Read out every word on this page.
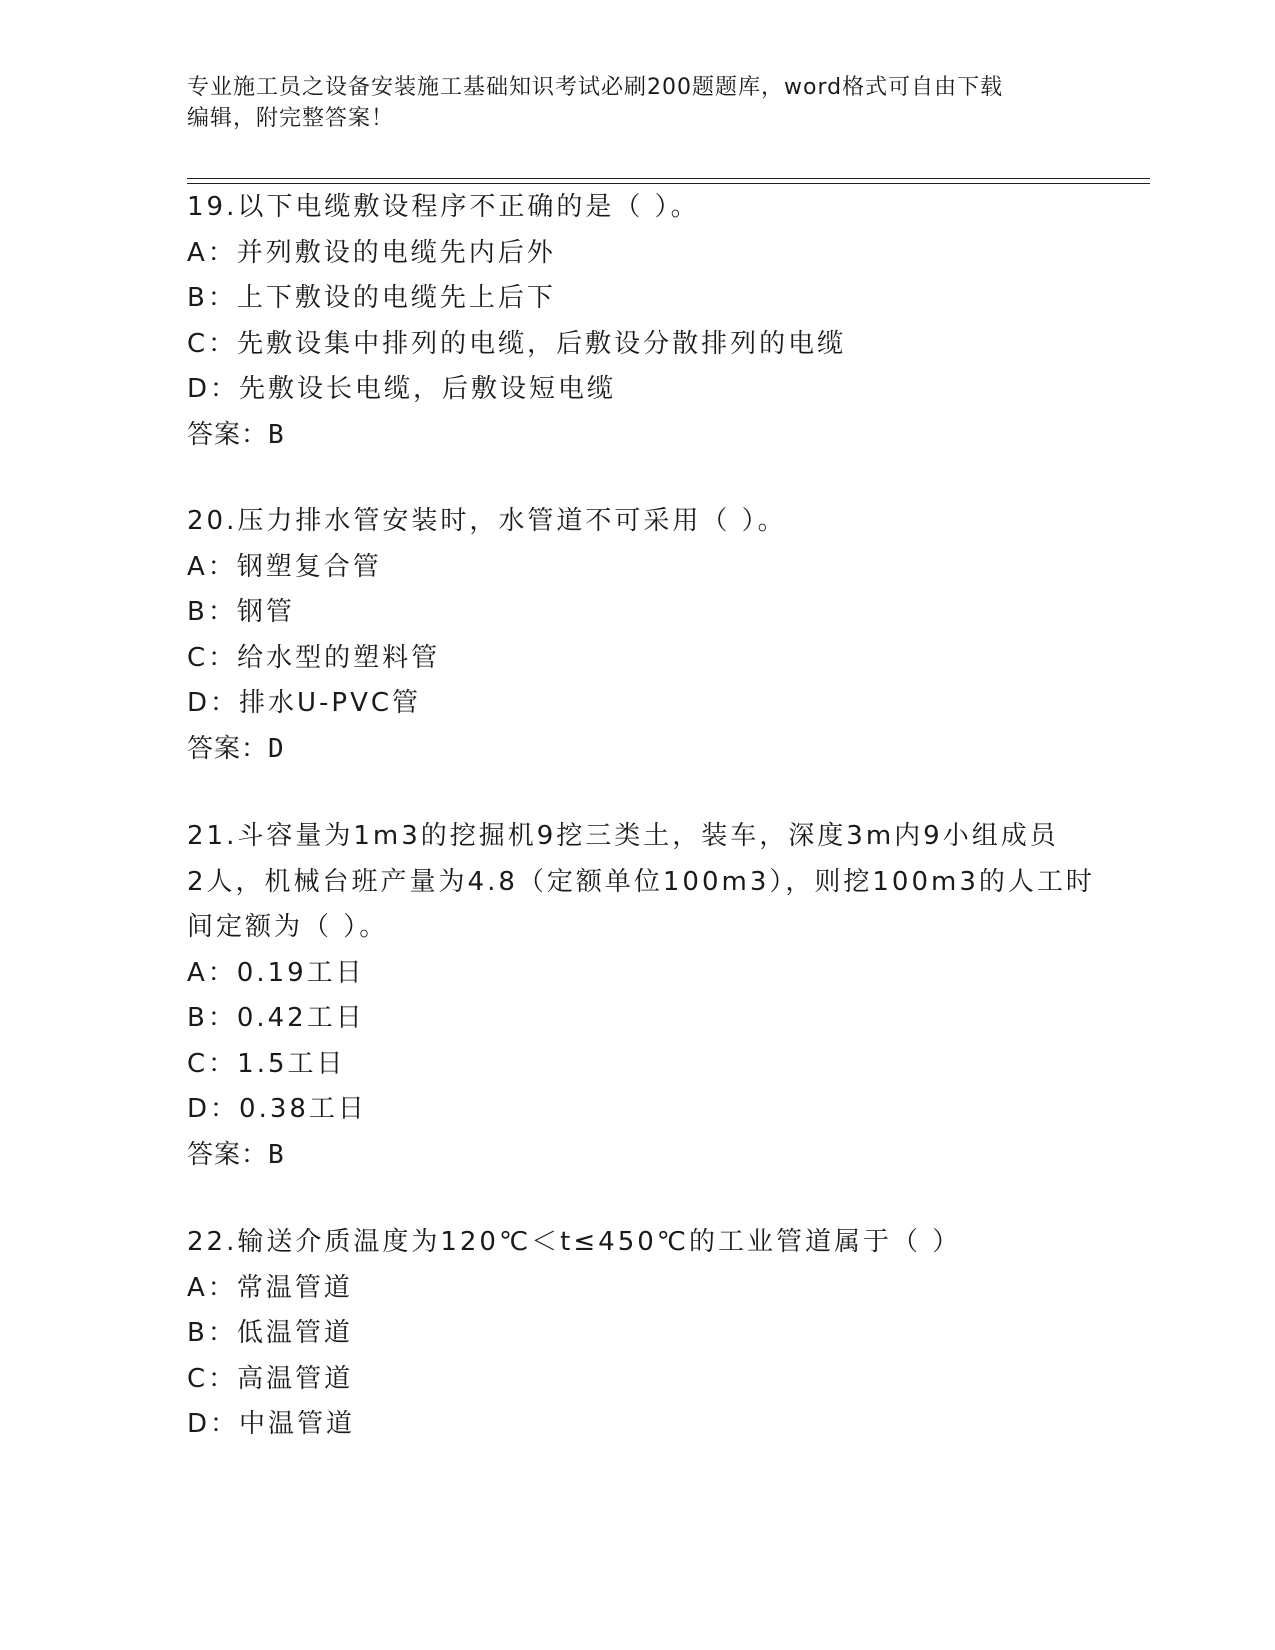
专业施工员之设备安装施工基础知识考试必刷200题题库，word格式可自由下载
编辑，附完整答案！
19.以下电缆敷设程序不正确的是（ ）。
A：并列敷设的电缆先内后外
B：上下敷设的电缆先上后下
C：先敷设集中排列的电缆，后敷设分散排列的电缆
D：先敷设长电缆，后敷设短电缆
答案：B
20.压力排水管安装时，水管道不可采用（ ）。
A：钢塑复合管
B：钢管
C：给水型的塑料管
D：排水U-PVC管
答案：D
21.斗容量为1m3的挖掘机9挖三类土，装车，深度3m内9小组成员
2人，机械台班产量为4.8（定额单位100m3），则挖100m3的人工时
间定额为（ ）。
A：0.19工日
B：0.42工日
C：1.5工日
D：0.38工日
答案：B
22.输送介质温度为120℃＜t≤450℃的工业管道属于（ ）
A：常温管道
B：低温管道
C：高温管道
D：中温管道
